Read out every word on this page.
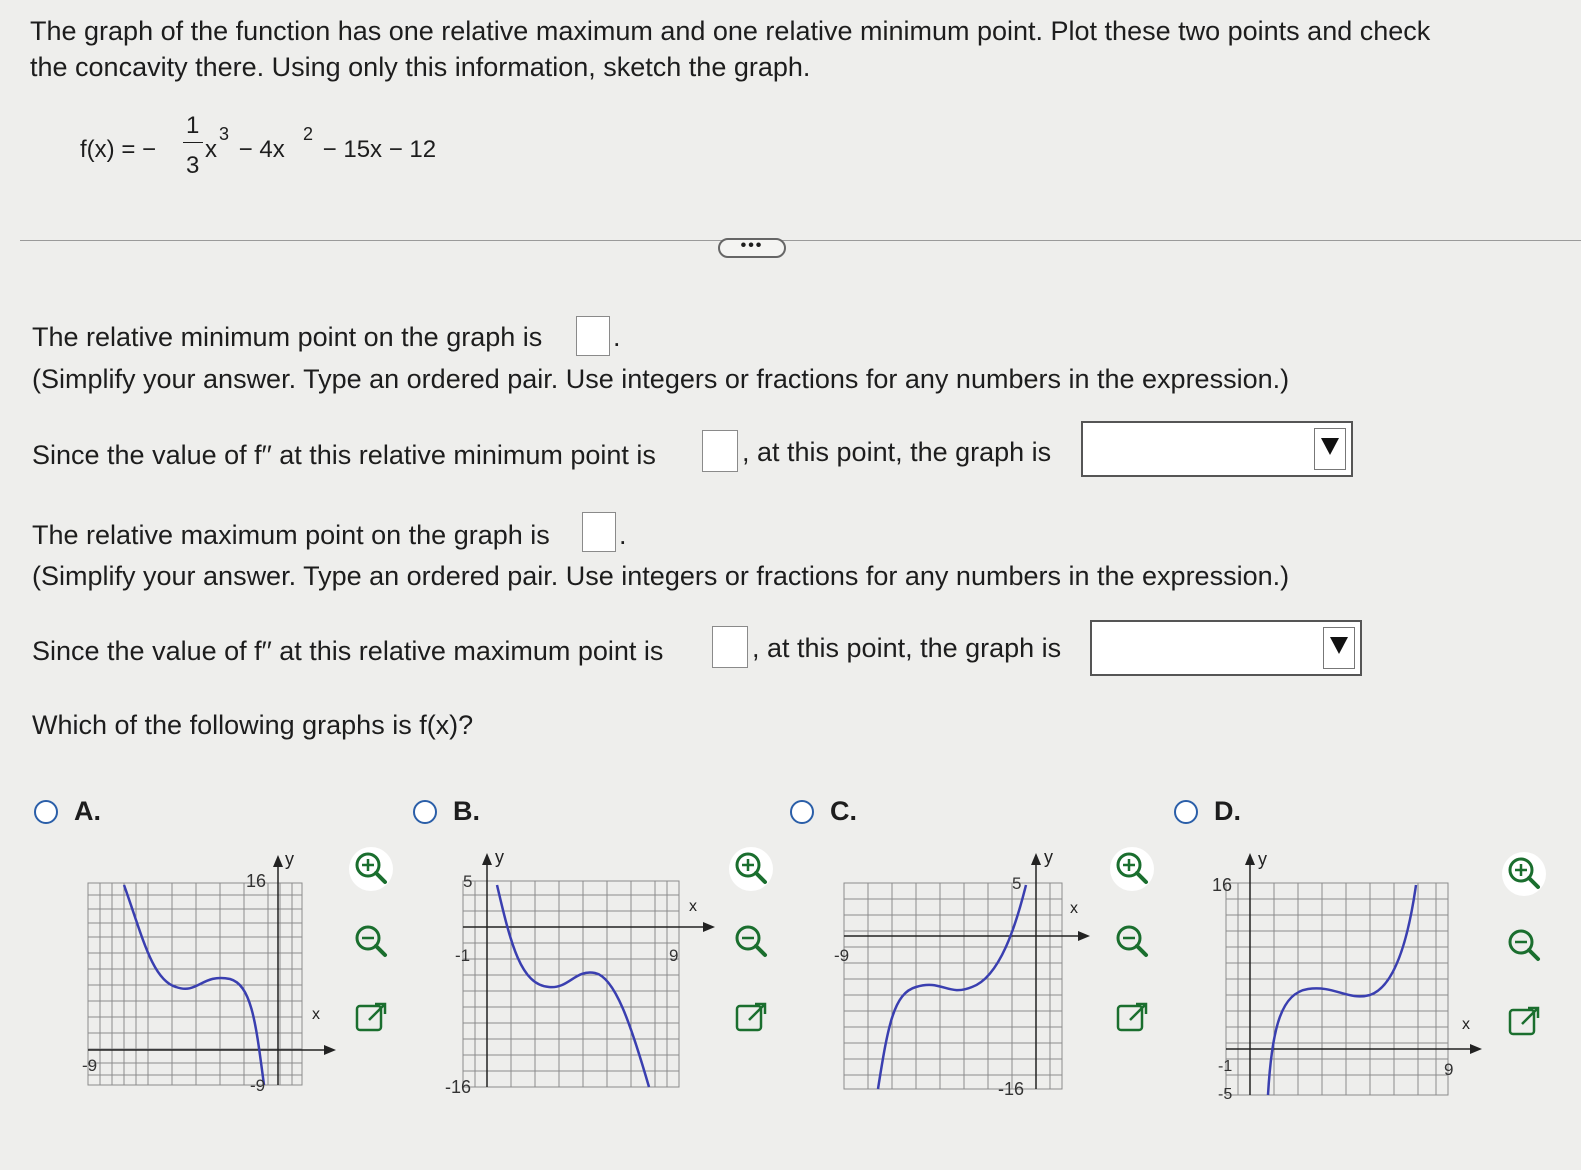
The graph of the function has one relative maximum and one relative minimum point. Plot these two points and check
the concavity there. Using only this information, sketch the graph.
f(x) = −
1
3
x
3
− 4x
2
− 15x − 12
•••
The relative minimum point on the graph is	.
(Simplify your answer. Type an ordered pair. Use integers or fractions for any numbers in the expression.)
Since the value of f′′ at this relative minimum point is	, at this point, the graph is
The relative maximum point on the graph is	.
(Simplify your answer. Type an ordered pair. Use integers or fractions for any numbers in the expression.)
Since the value of f′′ at this relative maximum point is	, at this point, the graph is
Which of the following graphs is f(x)?
A.	B.	C.	D.
y
x
16
-9
-9
y
x
5
-1
-16
9
y
x
5
-9
-16
y
x
16
-1
-5
9
